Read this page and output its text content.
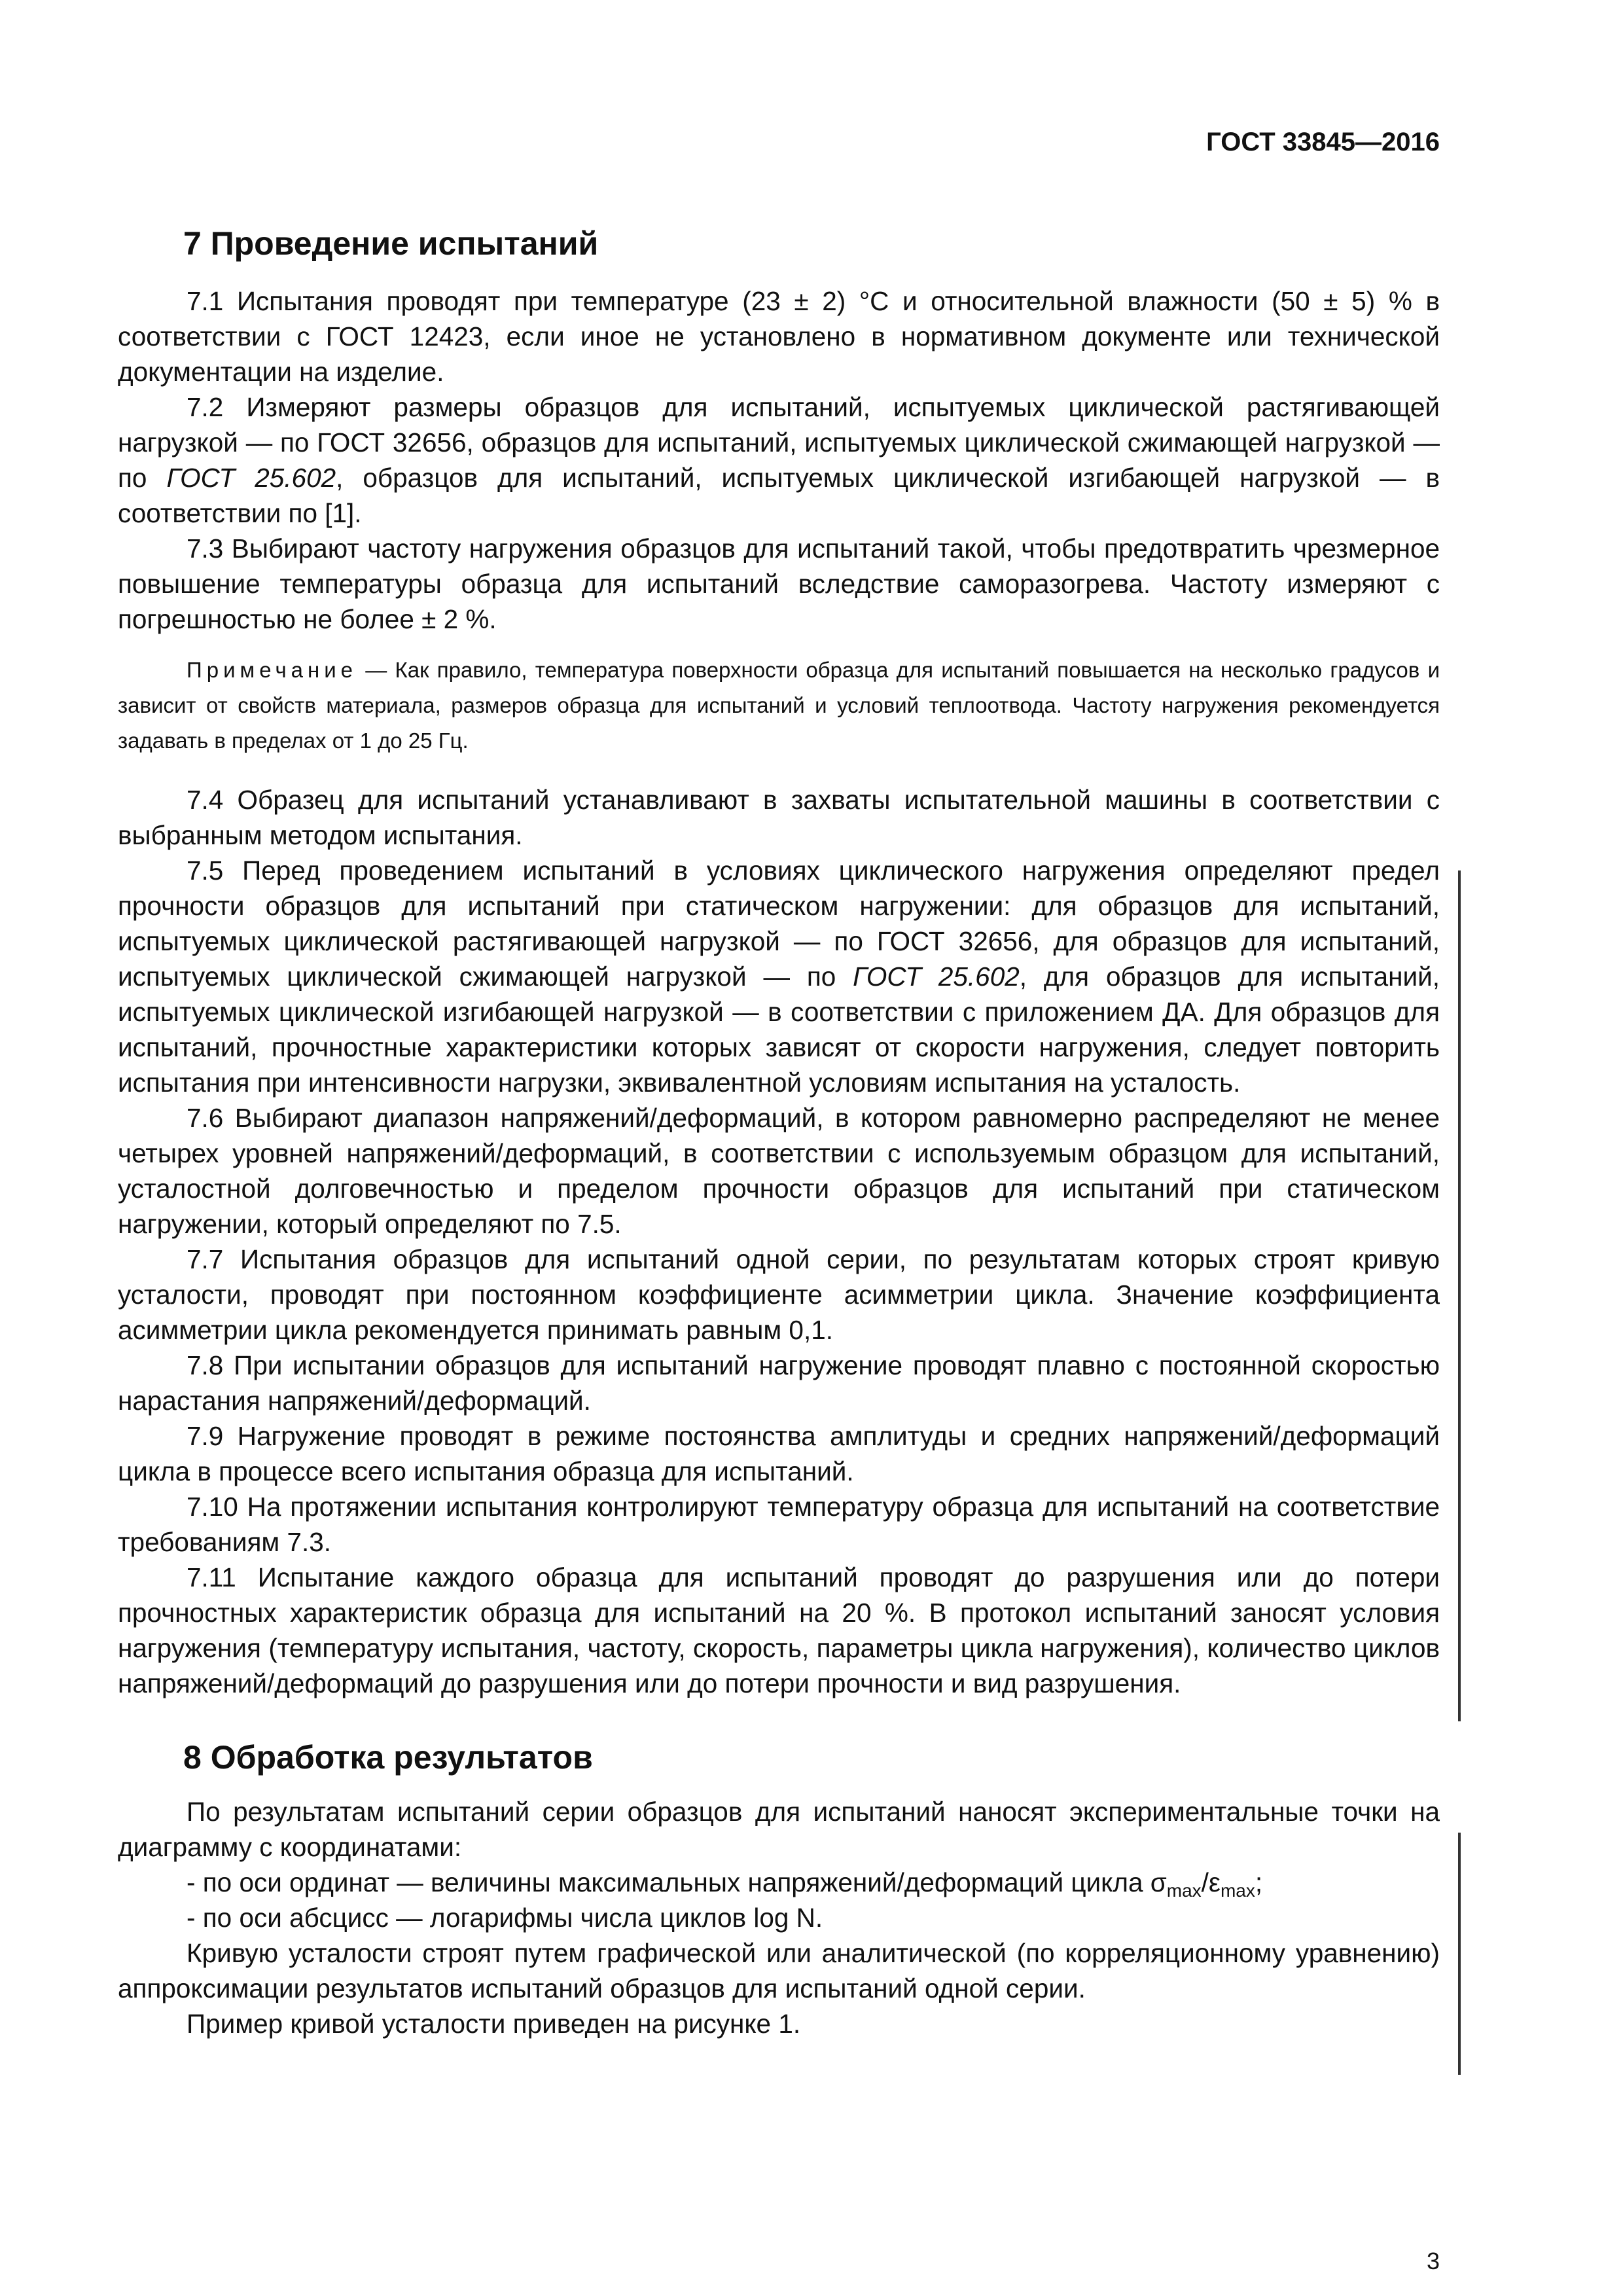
ГОСТ 33845—2016
7 Проведение испытаний

7.1 Испытания проводят при температуре (23 ± 2) °С и относительной влажности (50 ± 5) % в соответствии с ГОСТ 12423, если иное не установлено в нормативном документе или технической документации на изделие.

7.2 Измеряют размеры образцов для испытаний, испытуемых циклической растягивающей нагрузкой — по ГОСТ 32656, образцов для испытаний, испытуемых циклической сжимающей нагрузкой — по ГОСТ 25.602, образцов для испытаний, испытуемых циклической изгибающей нагрузкой — в соответствии по [1].

7.3 Выбирают частоту нагружения образцов для испытаний такой, чтобы предотвратить чрезмерное повышение температуры образца для испытаний вследствие саморазогрева. Частоту измеряют с погрешностью не более ± 2 %.

Примечание — Как правило, температура поверхности образца для испытаний повышается на несколько градусов и зависит от свойств материала, размеров образца для испытаний и условий теплоотвода. Частоту нагружения рекомендуется задавать в пределах от 1 до 25 Гц.

7.4 Образец для испытаний устанавливают в захваты испытательной машины в соответствии с выбранным методом испытания.

7.5 Перед проведением испытаний в условиях циклического нагружения определяют предел прочности образцов для испытаний при статическом нагружении: для образцов для испытаний, испытуемых циклической растягивающей нагрузкой — по ГОСТ 32656, для образцов для испытаний, испытуемых циклической сжимающей нагрузкой — по ГОСТ 25.602, для образцов для испытаний, испытуемых циклической изгибающей нагрузкой — в соответствии с приложением ДА. Для образцов для испытаний, прочностные характеристики которых зависят от скорости нагружения, следует повторить испытания при интенсивности нагрузки, эквивалентной условиям испытания на усталость.

7.6 Выбирают диапазон напряжений/деформаций, в котором равномерно распределяют не менее четырех уровней напряжений/деформаций, в соответствии с используемым образцом для испытаний, усталостной долговечностью и пределом прочности образцов для испытаний при статическом нагружении, который определяют по 7.5.

7.7 Испытания образцов для испытаний одной серии, по результатам которых строят кривую усталости, проводят при постоянном коэффициенте асимметрии цикла. Значение коэффициента асимметрии цикла рекомендуется принимать равным 0,1.

7.8 При испытании образцов для испытаний нагружение проводят плавно с постоянной скоростью нарастания напряжений/деформаций.

7.9 Нагружение проводят в режиме постоянства амплитуды и средних напряжений/деформаций цикла в процессе всего испытания образца для испытаний.

7.10 На протяжении испытания контролируют температуру образца для испытаний на соответствие требованиям 7.3.

7.11 Испытание каждого образца для испытаний проводят до разрушения или до потери прочностных характеристик образца для испытаний на 20 %. В протокол испытаний заносят условия нагружения (температуру испытания, частоту, скорость, параметры цикла нагружения), количество циклов напряжений/деформаций до разрушения или до потери прочности и вид разрушения.

8 Обработка результатов

По результатам испытаний серии образцов для испытаний наносят экспериментальные точки на диаграмму с координатами:

- по оси ординат — величины максимальных напряжений/деформаций цикла $\sigma_{max}/\varepsilon_{max}$;

- по оси абсцисс — логарифмы числа циклов log N.

Кривую усталости строят путем графической или аналитической (по корреляционному уравнению) аппроксимации результатов испытаний образцов для испытаний одной серии.

Пример кривой усталости приведен на рисунке 1.

3
